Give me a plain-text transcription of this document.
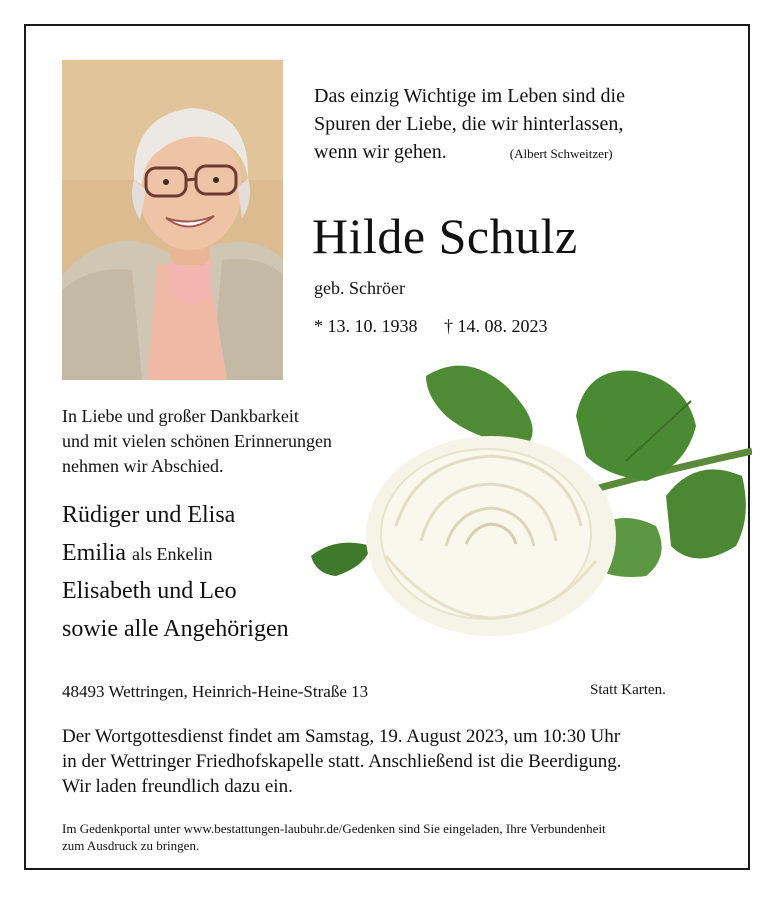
Das einzig Wichtige im Leben sind die
Spuren der Liebe, die wir hinterlassen,
wenn wir gehen.	(Albert Schweitzer)
Hilde Schulz
geb. Schröer
* 13. 10. 1938 † 14. 08. 2023
In Liebe und großer Dankbarkeit
und mit vielen schönen Erinnerungen
nehmen wir Abschied.
Rüdiger und Elisa
Emilia als Enkelin
Elisabeth und Leo
sowie alle Angehörigen
48493 Wettringen, Heinrich-Heine-Straße 13	Statt Karten.
Der Wortgottesdienst findet am Samstag, 19. August 2023, um 10:30 Uhr
in der Wettringer Friedhofskapelle statt. Anschließend ist die Beerdigung.
Wir laden freundlich dazu ein.
Im Gedenkportal unter www.bestattungen-laubuhr.de/Gedenken sind Sie eingeladen, Ihre Verbundenheit
zum Ausdruck zu bringen.
